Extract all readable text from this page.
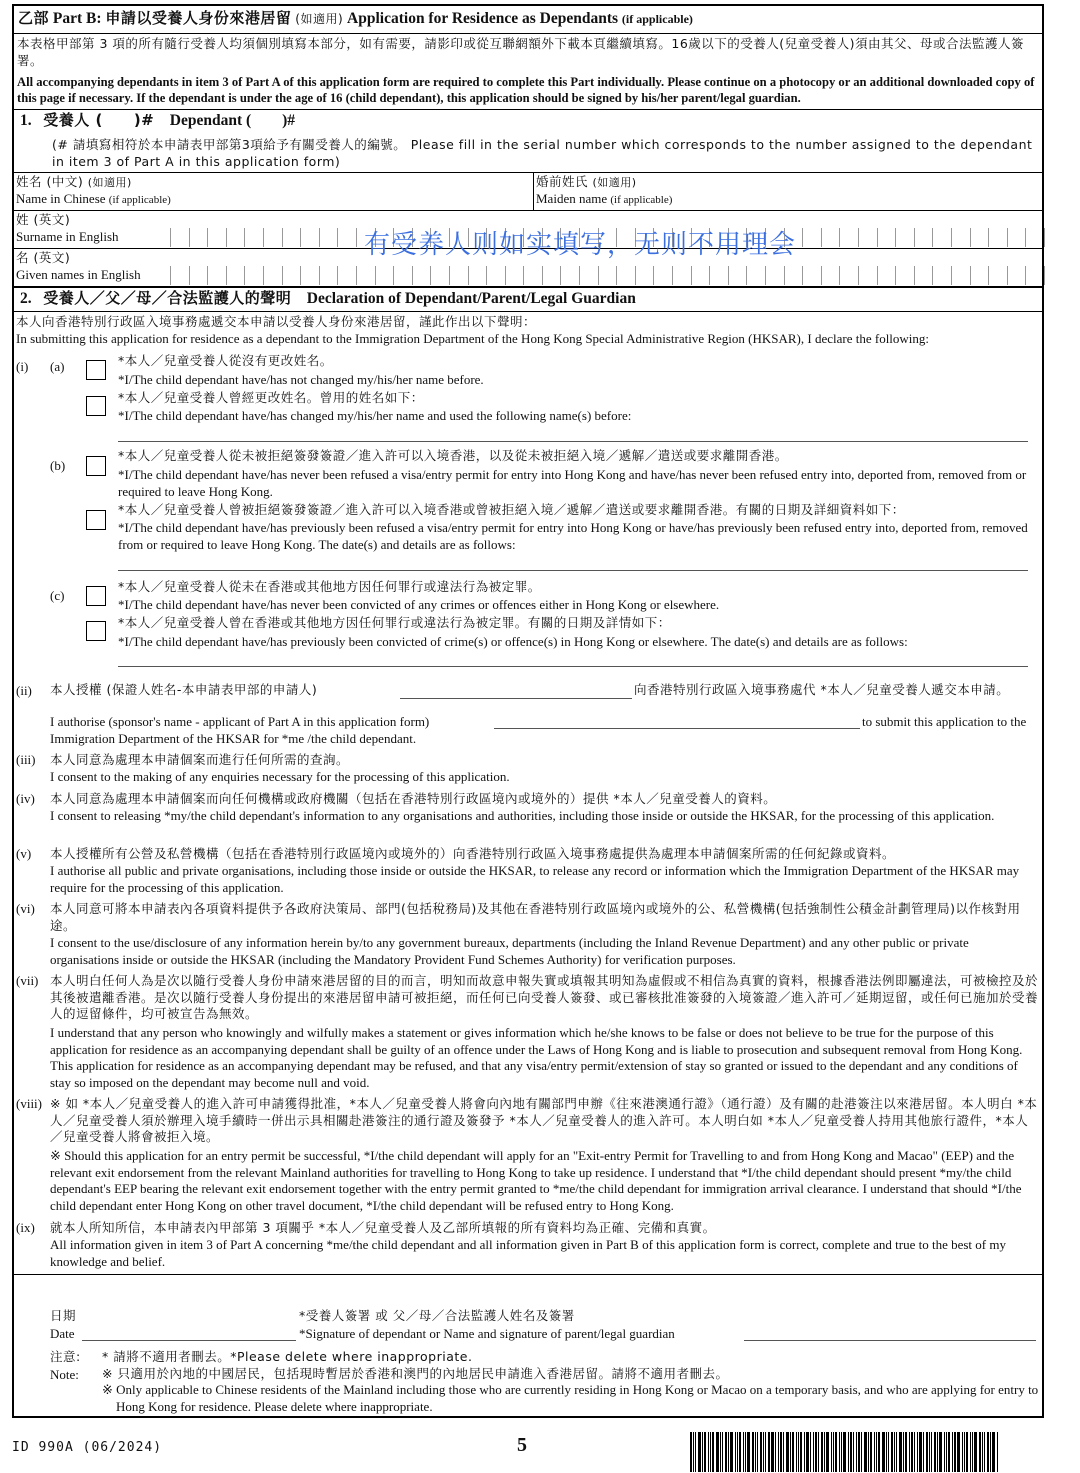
乙部 Part B: 申請以受養人身份來港居留 (如適用) Application for Residence as Dependants (if applicable)
本表格甲部第 3 項的所有隨行受養人均須個別填寫本部分，如有需要，請影印或從互聯網額外下載本頁繼續填寫。16歲以下的受養人(兒童受養人)須由其父、母或合法監護人簽署。
All accompanying dependants in item 3 of Part A of this application form are required to complete this Part individually. Please continue on a photocopy or an additional downloaded copy of this page if necessary. If the dependant is under the age of 16 (child dependant), this application should be signed by his/her parent/legal guardian.
1. 受養人 (　　)# Dependant (　　)#
(# 請填寫相符於本申請表甲部第3項給予有關受養人的編號。 Please fill in the serial number which corresponds to the number assigned to the dependant in item 3 of Part A in this application form)
姓名 (中文) (如適用)
Name in Chinese (if applicable)
婚前姓氏 (如適用)
Maiden name (if applicable)
姓 (英文)
Surname in English
名 (英文)
Given names in English
有受养人则如实填写，无则不用理会
2. 受養人／父／母／合法監護人的聲明 Declaration of Dependant/Parent/Legal Guardian
本人向香港特別行政區入境事務處遞交本申請以受養人身份來港居留，謹此作出以下聲明：
In submitting this application for residence as a dependant to the Immigration Department of the Hong Kong Special Administrative Region (HKSAR), I declare the following:
(i) (a)	*本人／兒童受養人從沒有更改姓名。
*I/The child dependant have/has not changed my/his/her name before.
*本人／兒童受養人曾經更改姓名。曾用的姓名如下：
*I/The child dependant have/has changed my/his/her name and used the following name(s) before:
(b)
*本人／兒童受養人從未被拒絕簽發簽證／進入許可以入境香港，以及從未被拒絕入境／遞解／遣送或要求離開香港。
*I/The child dependant have/has never been refused a visa/entry permit for entry into Hong Kong and have/has never been refused entry into, deported from, removed from or required to leave Hong Kong.
*本人／兒童受養人曾被拒絕簽發簽證／進入許可以入境香港或曾被拒絕入境／遞解／遣送或要求離開香港。有關的日期及詳細資料如下：
*I/The child dependant have/has previously been refused a visa/entry permit for entry into Hong Kong or have/has previously been refused entry into, deported from, removed from or required to leave Hong Kong. The date(s) and details are as follows:
(c)
*本人／兒童受養人從未在香港或其他地方因任何罪行或違法行為被定罪。
*I/The child dependant have/has never been convicted of any crimes or offences either in Hong Kong or elsewhere.
*本人／兒童受養人曾在香港或其他地方因任何罪行或違法行為被定罪。有關的日期及詳情如下：
*I/The child dependant have/has previously been convicted of crime(s) or offence(s) in Hong Kong or elsewhere. The date(s) and details are as follows:
(ii) 本人授權 (保證人姓名-本申請表甲部的申請人)	向香港特別行政區入境事務處代 *本人／兒童受養人遞交本申請。
I authorise (sponsor's name - applicant of Part A in this application form)	to submit this application to the Immigration Department of the HKSAR for *me /the child dependant.
(iii) 本人同意為處理本申請個案而進行任何所需的查詢。
I consent to the making of any enquiries necessary for the processing of this application.
(iv) 本人同意為處理本申請個案而向任何機構或政府機關（包括在香港特別行政區境內或境外的）提供 *本人／兒童受養人的資料。
I consent to releasing *my/the child dependant's information to any organisations and authorities, including those inside or outside the HKSAR, for the processing of this application.
(v) 本人授權所有公營及私營機構（包括在香港特別行政區境內或境外的）向香港特別行政區入境事務處提供為處理本申請個案所需的任何紀錄或資料。
I authorise all public and private organisations, including those inside or outside the HKSAR, to release any record or information which the Immigration Department of the HKSAR may require for the processing of this application.
(vi) 本人同意可將本申請表內各項資料提供予各政府決策局、部門(包括稅務局)及其他在香港特別行政區境內或境外的公、私營機構(包括強制性公積金計劃管理局)以作核對用途。
I consent to the use/disclosure of any information herein by/to any government bureaux, departments (including the Inland Revenue Department) and any other public or private organisations inside or outside the HKSAR (including the Mandatory Provident Fund Schemes Authority) for verification purposes.
(vii) 本人明白任何人為是次以隨行受養人身份申請來港居留的目的而言，明知而故意申報失實或填報其明知為虛假或不相信為真實的資料，根據香港法例即屬違法，可被檢控及於其後被遣離香港。是次以隨行受養人身份提出的來港居留申請可被拒絕，而任何已向受養人簽發、或已審核批准簽發的入境簽證／進入許可／延期逗留，或任何已施加於受養人的逗留條件，均可被宣告為無效。
I understand that any person who knowingly and wilfully makes a statement or gives information which he/she knows to be false or does not believe to be true for the purpose of this application for residence as an accompanying dependant shall be guilty of an offence under the Laws of Hong Kong and is liable to prosecution and subsequent removal from Hong Kong. This application for residence as an accompanying dependant may be refused, and that any visa/entry permit/extension of stay so granted or issued to the dependant and any conditions of stay so imposed on the dependant may become null and void.
(viii) ※ 如 *本人／兒童受養人的進入許可申請獲得批准，*本人／兒童受養人將會向內地有關部門申辦《往來港澳通行證》（通行證）及有關的赴港簽注以來港居留。本人明白 *本人／兒童受養人須於辦理入境手續時一併出示具相關赴港簽注的通行證及簽發予 *本人／兒童受養人的進入許可。本人明白如 *本人／兒童受養人持用其他旅行證件，*本人／兒童受養人將會被拒入境。
※ Should this application for an entry permit be successful, *I/the child dependant will apply for an "Exit-entry Permit for Travelling to and from Hong Kong and Macao" (EEP) and the relevant exit endorsement from the relevant Mainland authorities for travelling to Hong Kong to take up residence. I understand that *I/the child dependant should present *my/the child dependant's EEP bearing the relevant exit endorsement together with the entry permit granted to *me/the child dependant for immigration arrival clearance. I understand that should *I/the child dependant enter Hong Kong on other travel document, *I/the child dependant will be refused entry to Hong Kong.
(ix) 就本人所知所信，本申請表內甲部第 3 項關乎 *本人／兒童受養人及乙部所填報的所有資料均為正確、完備和真實。
All information given in item 3 of Part A concerning *me/the child dependant and all information given in Part B of this application form is correct, complete and true to the best of my knowledge and belief.
日期
Date
*受養人簽署 或 父／母／合法監護人姓名及簽署
*Signature of dependant or Name and signature of parent/legal guardian
注意:
Note:
* 請將不適用者刪去。*Please delete where inappropriate.
※ 只適用於內地的中國居民，包括現時暫居於香港和澳門的內地居民申請進入香港居留。請將不適用者刪去。
※ Only applicable to Chinese residents of the Mainland including those who are currently residing in Hong Kong or Macao on a temporary basis, and who are applying for entry to Hong Kong for residence. Please delete where inappropriate.
ID 990A (06/2024)	5
